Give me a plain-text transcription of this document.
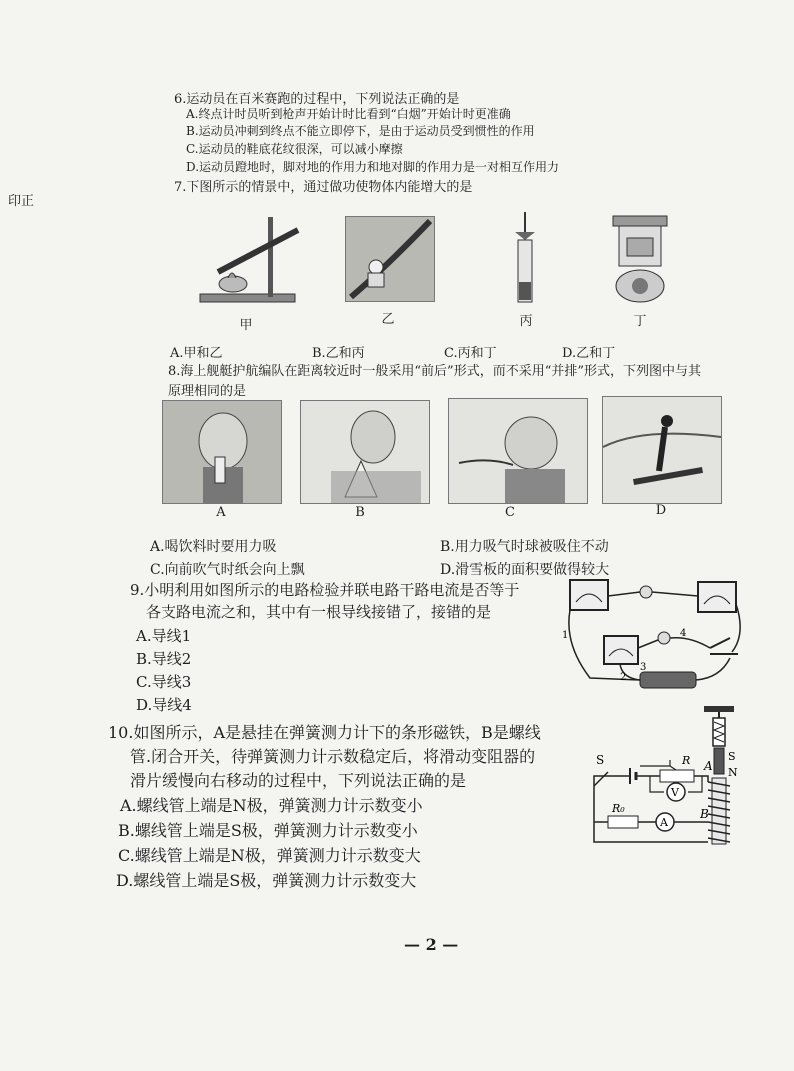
印正
6.运动员在百米赛跑的过程中，下列说法正确的是
A.终点计时员听到枪声开始计时比看到“白烟”开始计时更准确
B.运动员冲刺到终点不能立即停下，是由于运动员受到惯性的作用
C.运动员的鞋底花纹很深，可以减小摩擦
D.运动员蹬地时，脚对地的作用力和地对脚的作用力是一对相互作用力
7.下图所示的情景中，通过做功使物体内能增大的是
甲	乙	丙	丁
A.甲和乙	B.乙和丙	C.丙和丁	D.乙和丁
8.海上舰艇护航编队在距离较近时一般采用“前后”形式，而不采用“并排”形式，下列图中与其
原理相同的是
A	B	C	D
A.喝饮料时要用力吸	B.用力吸气时球被吸住不动
C.向前吹气时纸会向上飘	D.滑雪板的面积要做得较大
9.小明利用如图所示的电路检验并联电路干路电流是否等于
各支路电流之和，其中有一根导线接错了，接错的是
A.导线1
B.导线2
C.导线3
D.导线4
1
2
3
4
10.如图所示，A是悬挂在弹簧测力计下的条形磁铁，B是螺线
管.闭合开关，待弹簧测力计示数稳定后，将滑动变阻器的
滑片缓慢向右移动的过程中，下列说法正确的是
A.螺线管上端是N极，弹簧测力计示数变小
B.螺线管上端是S极，弹簧测力计示数变小
C.螺线管上端是N极，弹簧测力计示数变大
D.螺线管上端是S极，弹簧测力计示数变大
A
S
N
B
S	R
V
R₀
A
— 2 —
